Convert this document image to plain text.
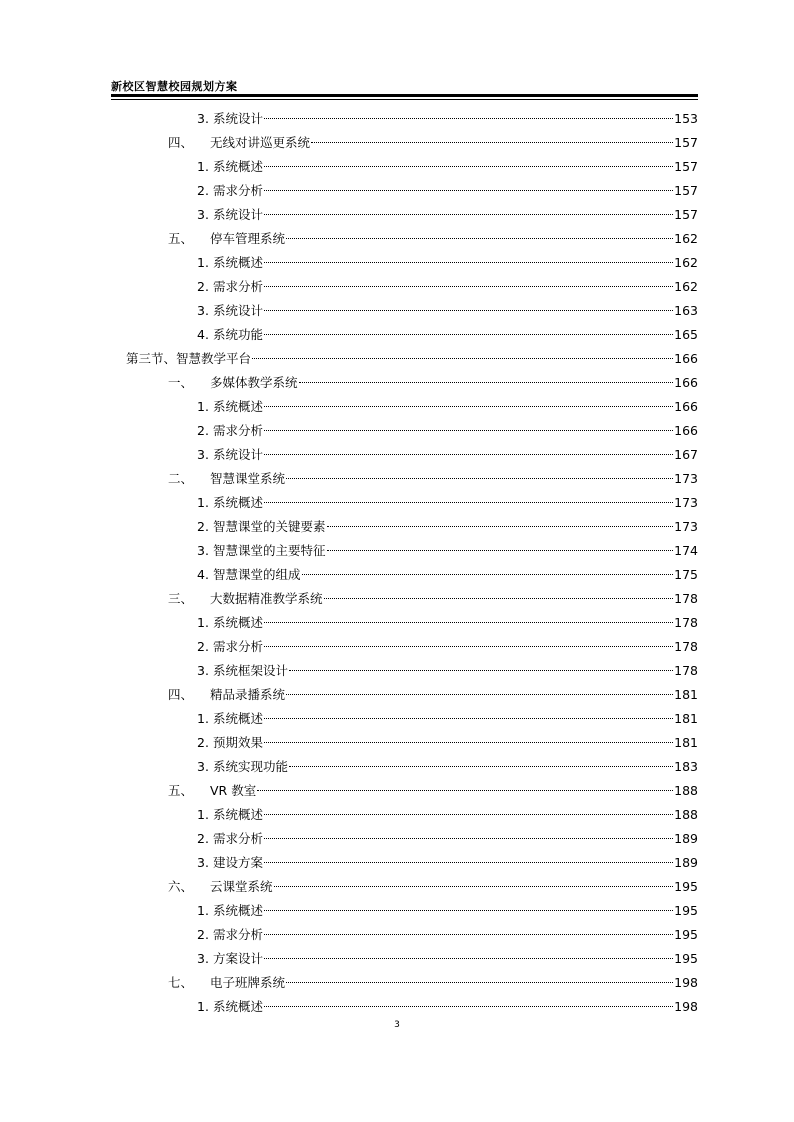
新校区智慧校园规划方案
3. 系统设计	153
四、	无线对讲巡更系统	157
1. 系统概述	157
2. 需求分析	157
3. 系统设计	157
五、	停车管理系统	162
1. 系统概述	162
2. 需求分析	162
3. 系统设计	163
4. 系统功能	165
第三节、智慧教学平台	166
一、	多媒体教学系统	166
1. 系统概述	166
2. 需求分析	166
3. 系统设计	167
二、	智慧课堂系统	173
1. 系统概述	173
2. 智慧课堂的关键要素	173
3. 智慧课堂的主要特征	174
4. 智慧课堂的组成	175
三、	大数据精准教学系统	178
1. 系统概述	178
2. 需求分析	178
3. 系统框架设计	178
四、	精品录播系统	181
1. 系统概述	181
2. 预期效果	181
3. 系统实现功能	183
五、	VR 教室	188
1. 系统概述	188
2. 需求分析	189
3. 建设方案	189
六、	云课堂系统	195
1. 系统概述	195
2. 需求分析	195
3. 方案设计	195
七、	电子班牌系统	198
1. 系统概述	198
3
